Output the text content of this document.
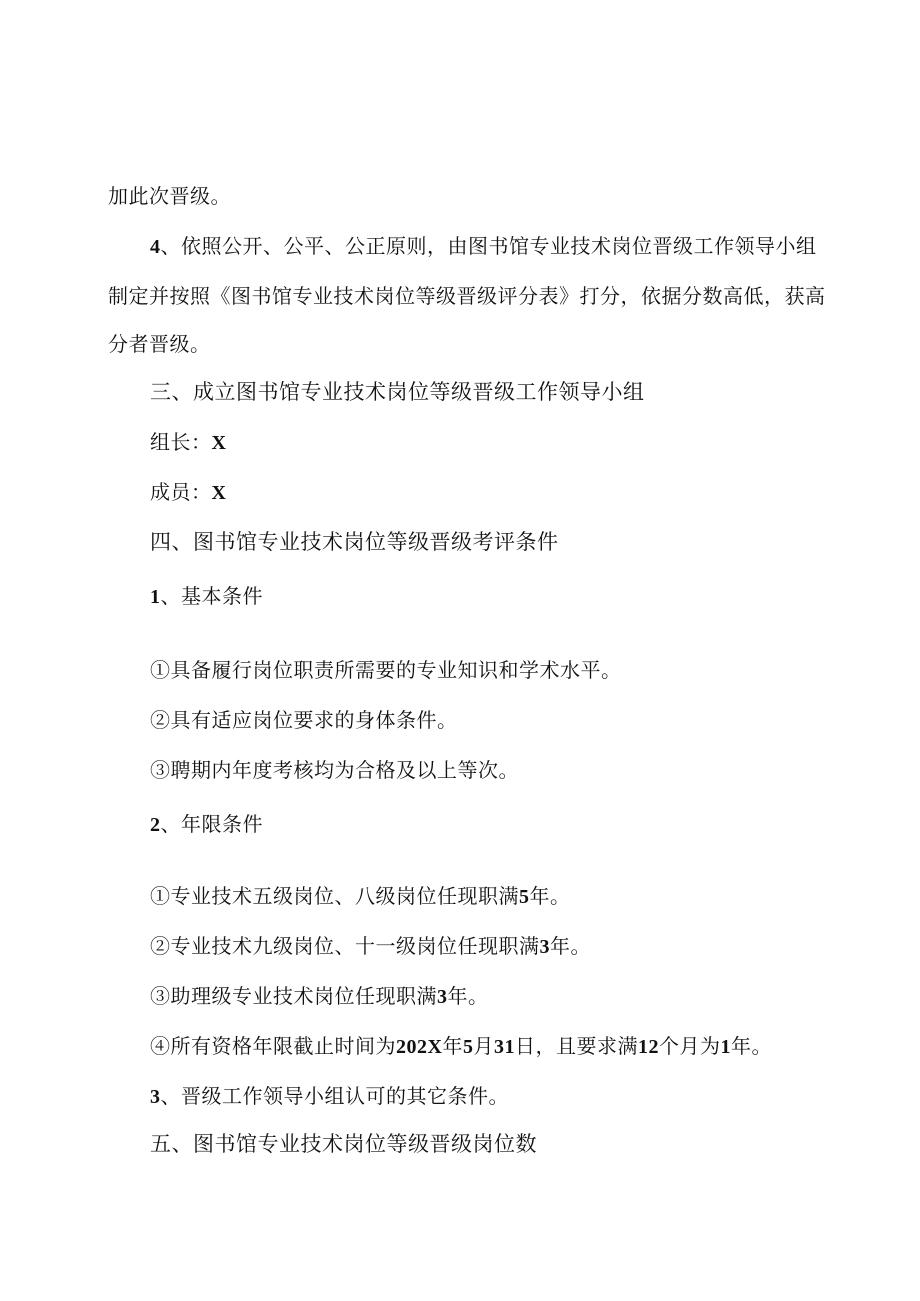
加此次晋级。
4、依照公开、公平、公正原则，由图书馆专业技术岗位晋级工作领导小组
制定并按照《图书馆专业技术岗位等级晋级评分表》打分，依据分数高低，获高
分者晋级。
三、成立图书馆专业技术岗位等级晋级工作领导小组
组长：X
成员：X
四、图书馆专业技术岗位等级晋级考评条件
1、基本条件
①具备履行岗位职责所需要的专业知识和学术水平。
②具有适应岗位要求的身体条件。
③聘期内年度考核均为合格及以上等次。
2、年限条件
①专业技术五级岗位、八级岗位任现职满5年。
②专业技术九级岗位、十一级岗位任现职满3年。
③助理级专业技术岗位任现职满3年。
④所有资格年限截止时间为202X年5月31日，且要求满12个月为1年。
3、晋级工作领导小组认可的其它条件。
五、图书馆专业技术岗位等级晋级岗位数
